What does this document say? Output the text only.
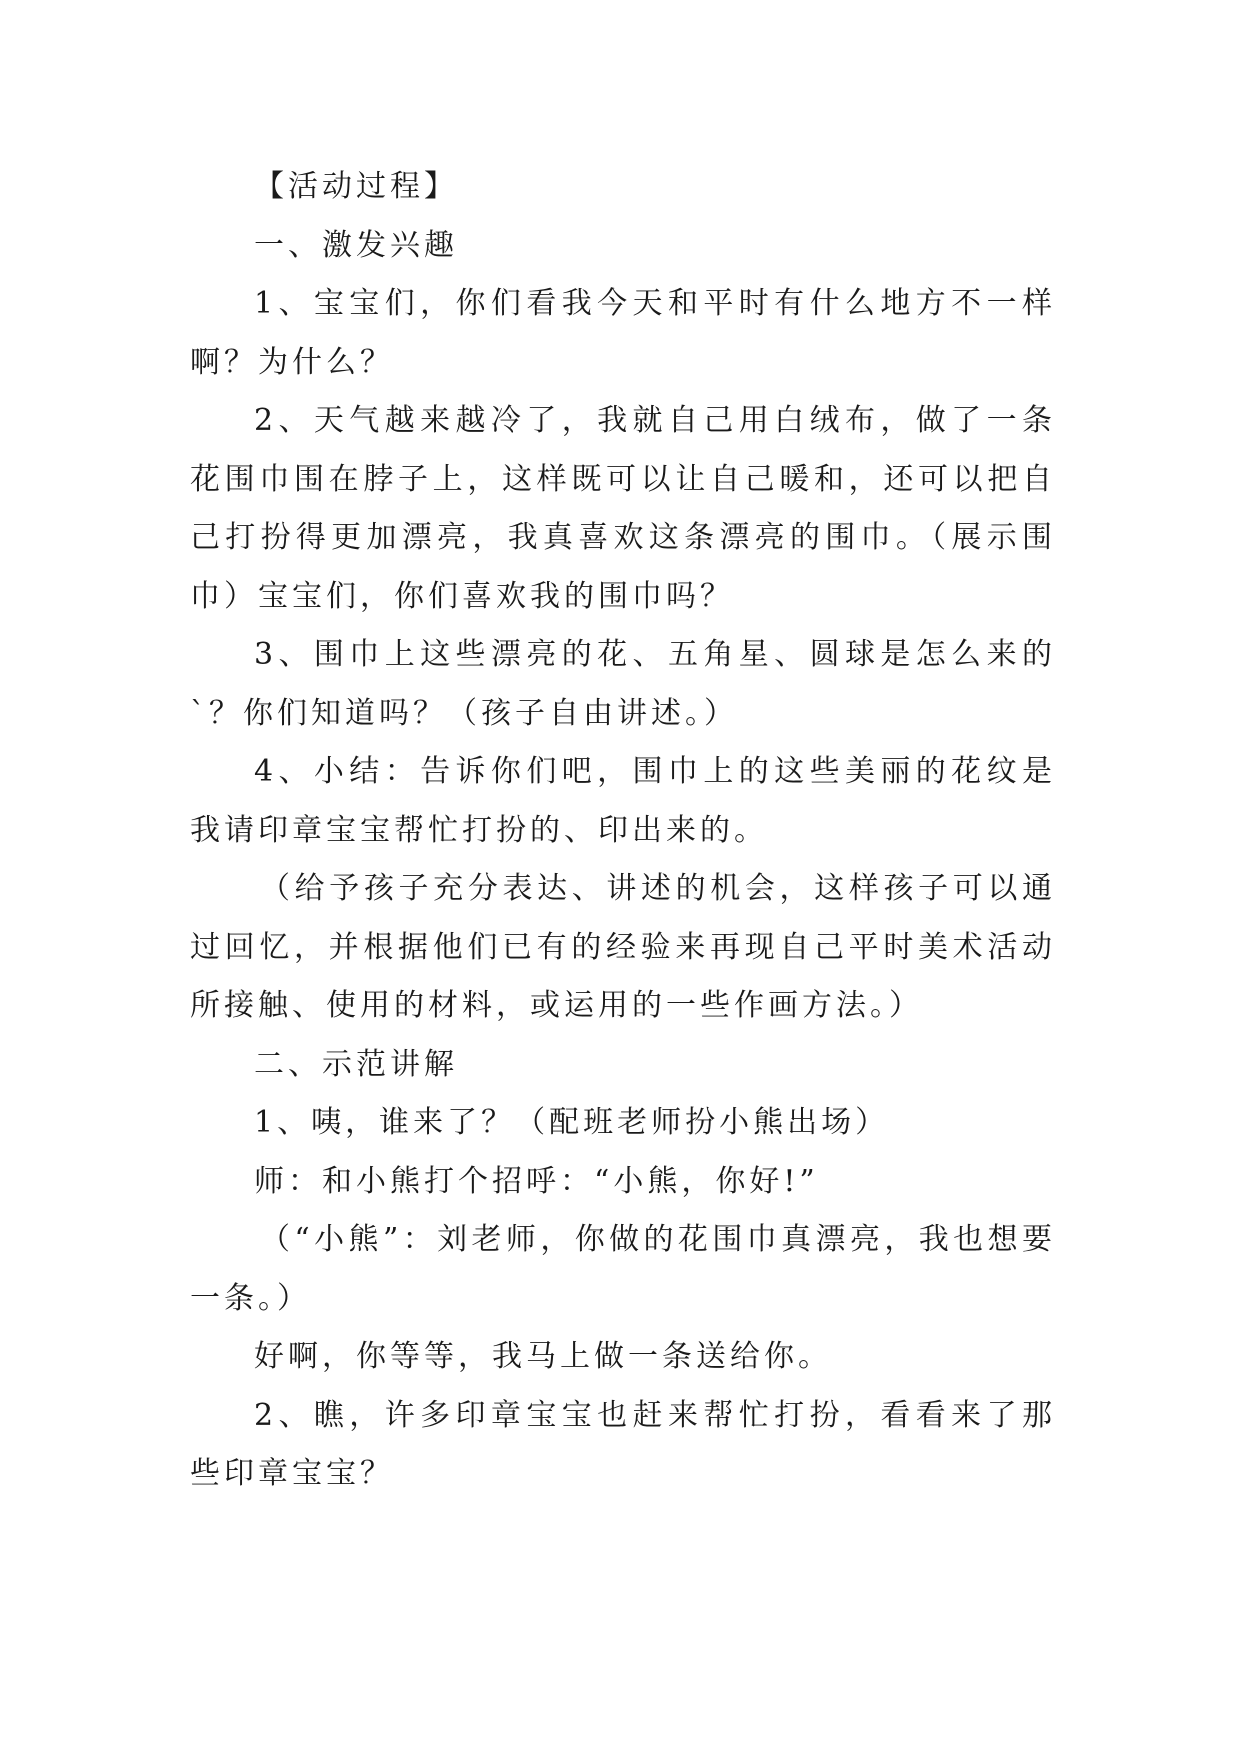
【活动过程】

一、激发兴趣

1、宝宝们，你们看我今天和平时有什么地方不一样啊？为什么？

2、天气越来越冷了，我就自己用白绒布，做了一条花围巾围在脖子上，这样既可以让自己暖和，还可以把自己打扮得更加漂亮，我真喜欢这条漂亮的围巾。（展示围巾）宝宝们，你们喜欢我的围巾吗？

3、围巾上这些漂亮的花、五角星、圆球是怎么来的`？你们知道吗？（孩子自由讲述。）

4、小结：告诉你们吧，围巾上的这些美丽的花纹是我请印章宝宝帮忙打扮的、印出来的。

（给予孩子充分表达、讲述的机会，这样孩子可以通过回忆，并根据他们已有的经验来再现自己平时美术活动所接触、使用的材料，或运用的一些作画方法。）

二、示范讲解

1、咦，谁来了？（配班老师扮小熊出场）

师：和小熊打个招呼：“小熊，你好!”

（“小熊”：刘老师，你做的花围巾真漂亮，我也想要一条。）

好啊，你等等，我马上做一条送给你。

2、瞧，许多印章宝宝也赶来帮忙打扮，看看来了那些印章宝宝？
